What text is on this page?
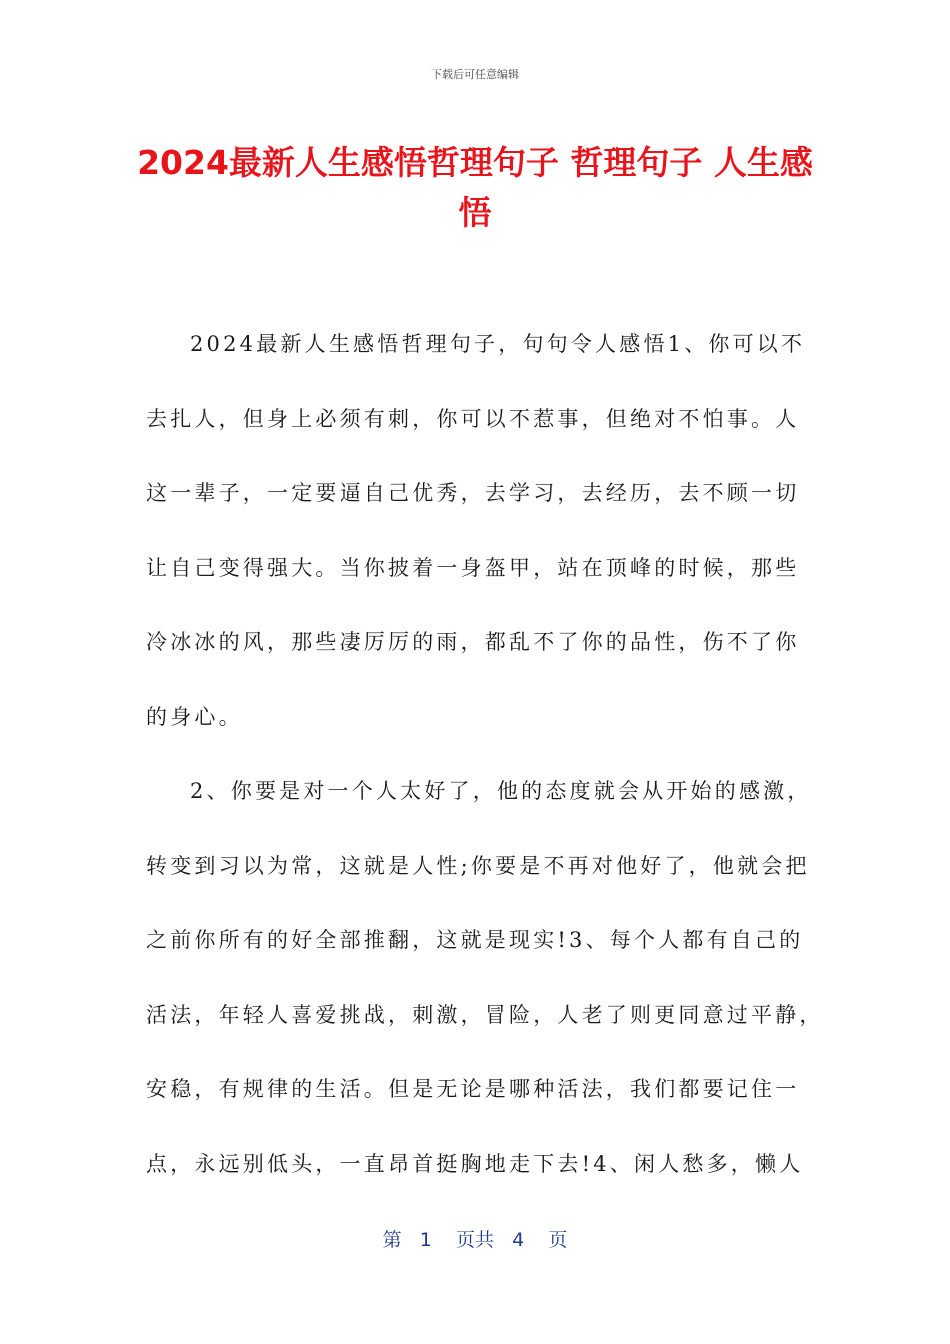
下载后可任意编辑
2024最新人生感悟哲理句子 哲理句子 人生感悟
2024最新人生感悟哲理句子，句句令人感悟1、你可以不
去扎人，但身上必须有刺，你可以不惹事，但绝对不怕事。人
这一辈子，一定要逼自己优秀，去学习，去经历，去不顾一切
让自己变得强大。当你披着一身盔甲，站在顶峰的时候，那些
冷冰冰的风，那些凄厉厉的雨，都乱不了你的品性，伤不了你
的身心。
2、你要是对一个人太好了，他的态度就会从开始的感激，
转变到习以为常，这就是人性;你要是不再对他好了，他就会把
之前你所有的好全部推翻，这就是现实!3、每个人都有自己的
活法，年轻人喜爱挑战，刺激，冒险，人老了则更同意过平静，
安稳，有规律的生活。但是无论是哪种活法，我们都要记住一
点，永远别低头，一直昂首挺胸地走下去!4、闲人愁多，懒人
第 1 页共 4 页
